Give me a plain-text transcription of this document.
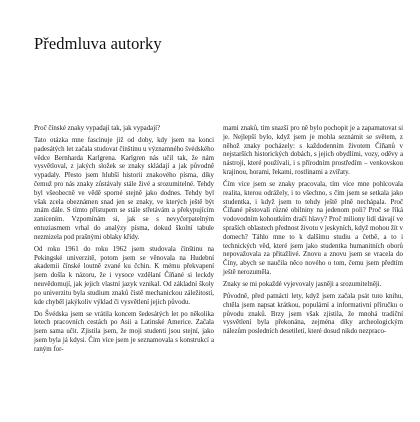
Předmluva autorky

Proč čínské znaky vypadají tak, jak vypadají?

Tato otázka mne fascinuje již od doby, kdy jsem na konci padesátých let začala studovat čínštinu u významného švédského vědce Bernharda Karlgrena. Karlgren nás učil tak, že nám vysvětloval, z jakých složek se znaky skládají a jak původně vypadaly. Přesto jsem hlubší historii znakového písma, díky čemuž pro nás znaky zůstávaly stále živé a srozumitelné. Tehdy byl všeobecně ve vědě sporné stejně jako dodnes. Tehdy byl však zcela obeznámen snad jen se znaky, ve kterých ještě být znám dále. S tímto přístupem se stále střetávám a překypujícím zanícením. Vzpomínám si, jak se s nevyčerpatelným entuziasmem vrhal do analýzy písma, dokud školní tabule nezmizela pod prašnými oblaky křídy.

Od roku 1961 do roku 1962 jsem studovala čínštinu na Pekingské univerzitě, potom jsem se věnovala na Hudební akademii čínské loutně zvané ku čchin. K mému překvapení jsem došla k názoru, že i vysoce vzdělaní Číňané si leckdy neuvědomují, jak jejich vlastní jazyk vznikal. Od základní školy po univerzitu byla studium znaků čistě mechanickou záležitostí, kde chyběl jakýkoliv výklad či vysvětlení jejich původu.

Do Švédska jsem se vrátila koncem šedesátých let po několika letech pracovních cestách po Asii a Latinské Americe. Začala jsem sama učit. Zjistila jsem, že moji studenti jsou stejní, jako jsem byla já kdysi. Čím více jsem je seznamovala s konstrukcí a raným for-

mami znaků, tím snazší pro ně bylo pochopit je a zapamatovat si je. Nejlepší bylo, když jsem je mohla seznámit se světem, z něhož znaky pocházely: s každodenním životem Číňanů v nejstarších historických dobách, s jejich obydlími, vozy, oděvy a nástroji, které používali, i s přírodním prostředím – venkovskou krajinou, horami, řekami, rostlinami a zvířaty.

Čím více jsem se znaky pracovala, tím více mne pohlcovala realita, kterou odrážely, i to všechno, s čím jsem se setkala jako studentka, i když jsem to tehdy ještě plně nechápala. Proč Číňané pěstovali různé obilniny na jedenom poli? Proč se říká vodovodním kohoutkům dračí hlavy? Proč miliony lidí dávají ve spraších oblastech přednost životu v jeskyních, když mohou žít v domech? Táhlo mne to k dalšímu studiu a četbě, a to i technických věd, které jsem jako studentka humanitních oborů nepovažovala za přitažlivé. Znovu a znovu jsem se vracela do Číny, abych se naučila něco nového o tom, čemu jsem předtím ještě nerozuměla.

Znaky se mi pokaždé vyjevovaly jasněji a srozumitelněji.

Původně, před patnácti lety, když jsem začala psát tuto knihu, chtěla jsem napsat krátkou, populární a informativní příručku o původu znaků. Brzy jsem však zjistila, že mnohá tradiční vysvětlení byla překonána, zejména díky archeologickým nálezům posledních desetiletí, které dosud nikdo nezpraco-
